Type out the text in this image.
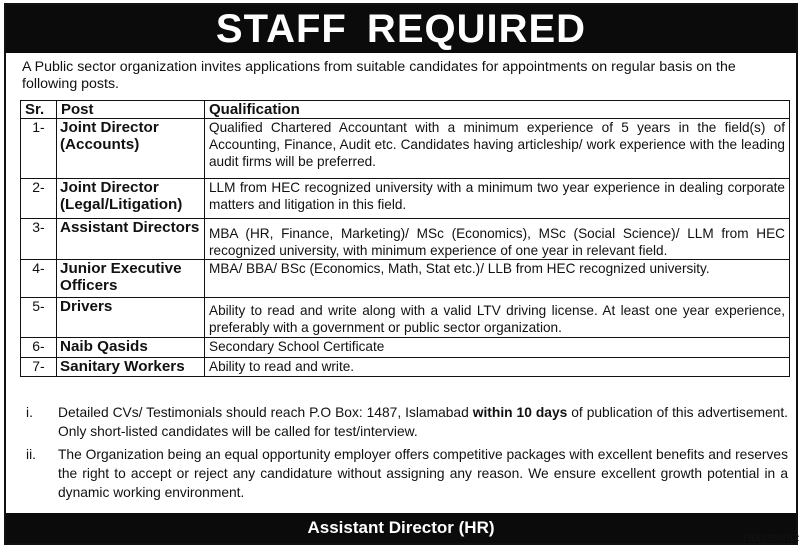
STAFF REQUIRED
A Public sector organization invites applications from suitable candidates for appointments on regular basis on the following posts.
Sr.	Post	Qualification
1-	Joint Director (Accounts)	Qualified Chartered Accountant with a minimum experience of 5 years in the field(s) of Accounting, Finance, Audit etc. Candidates having articleship/ work experience with the leading audit firms will be preferred.
2-	Joint Director (Legal/Litigation)	LLM from HEC recognized university with a minimum two year experience in dealing corporate matters and litigation in this field.
3-	Assistant Directors	MBA (HR, Finance, Marketing)/ MSc (Economics), MSc (Social Science)/ LLM from HEC recognized university, with minimum experience of one year in relevant field.
4-	Junior Executive Officers	MBA/ BBA/ BSc (Economics, Math, Stat etc.)/ LLB from HEC recognized university.
5-	Drivers	Ability to read and write along with a valid LTV driving license. At least one year experience, preferably with a government or public sector organization.
6-	Naib Qasids	Secondary School Certificate
7-	Sanitary Workers	Ability to read and write.
i. Detailed CVs/ Testimonials should reach P.O Box: 1487, Islamabad within 10 days of publication of this advertisement. Only short-listed candidates will be called for test/interview.
ii. The Organization being an equal opportunity employer offers competitive packages with excellent benefits and reserves the right to accept or reject any candidature without assigning any reason. We ensure excellent growth potential in a dynamic working environment.
Assistant Director (HR)
PID(I)3007/12
